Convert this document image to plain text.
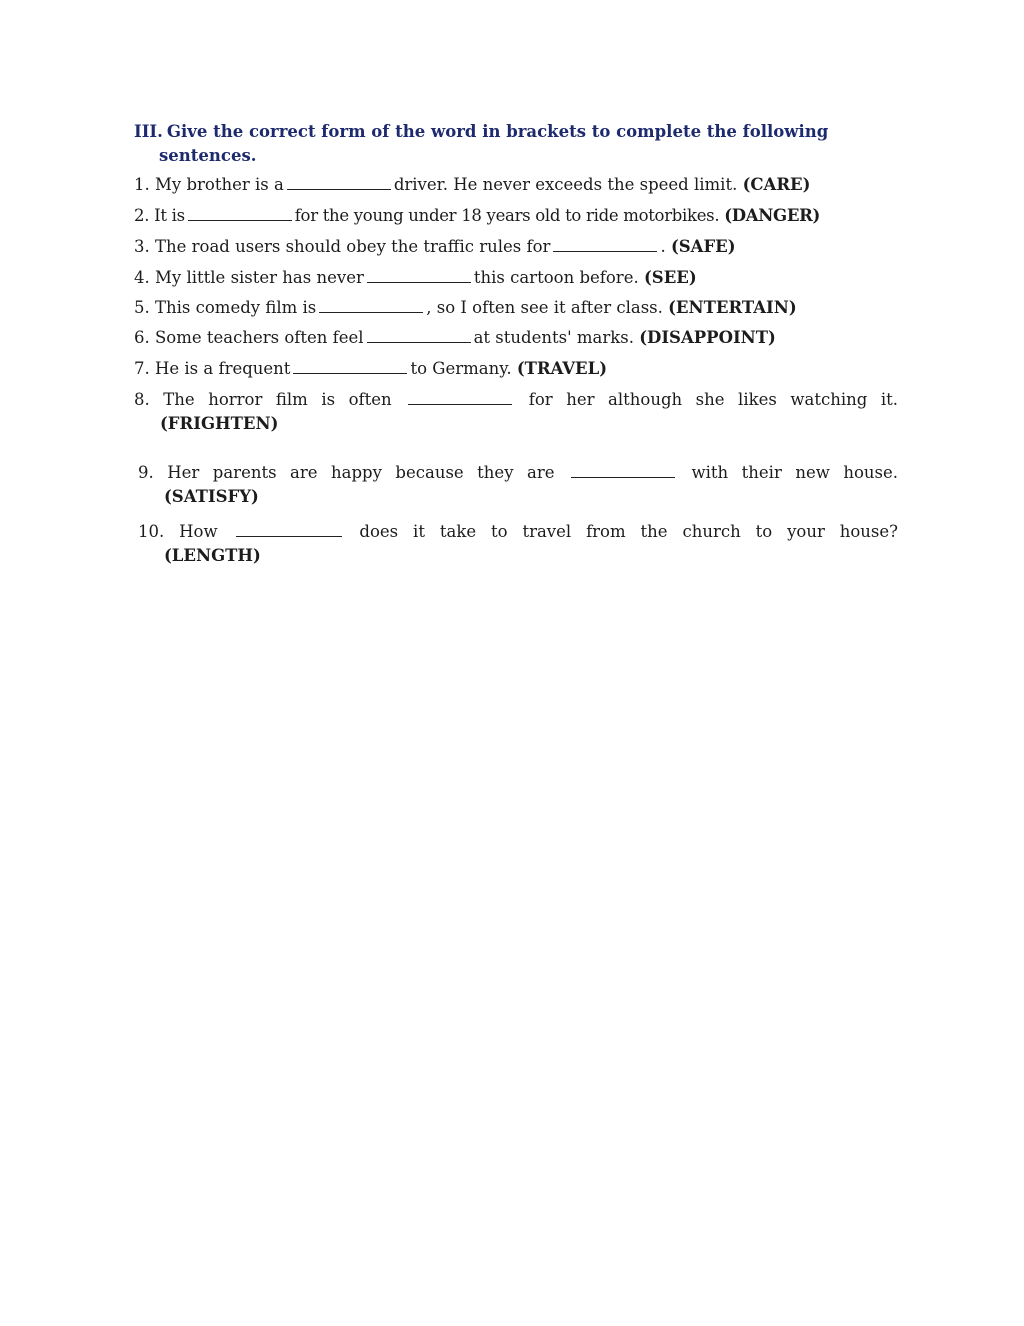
III. Give the correct form of the word in brackets to complete the following
sentences.
1. My brother is a	driver. He never exceeds the speed limit. (CARE)
2. It is	for the young under 18 years old to ride motorbikes. (DANGER)
3. The road users should obey the traffic rules for	. (SAFE)
4. My little sister has never	this cartoon before. (SEE)
5. This comedy film is	, so I often see it after class. (ENTERTAIN)
6. Some teachers often feel	at students' marks. (DISAPPOINT)
7. He is a frequent	to Germany. (TRAVEL)
8. The horror film is often	for her although she likes watching it.
(FRIGHTEN)
9. Her parents are happy because they are	with their new house.
(SATISFY)
10. How	does it take to travel from the church to your house?
(LENGTH)
